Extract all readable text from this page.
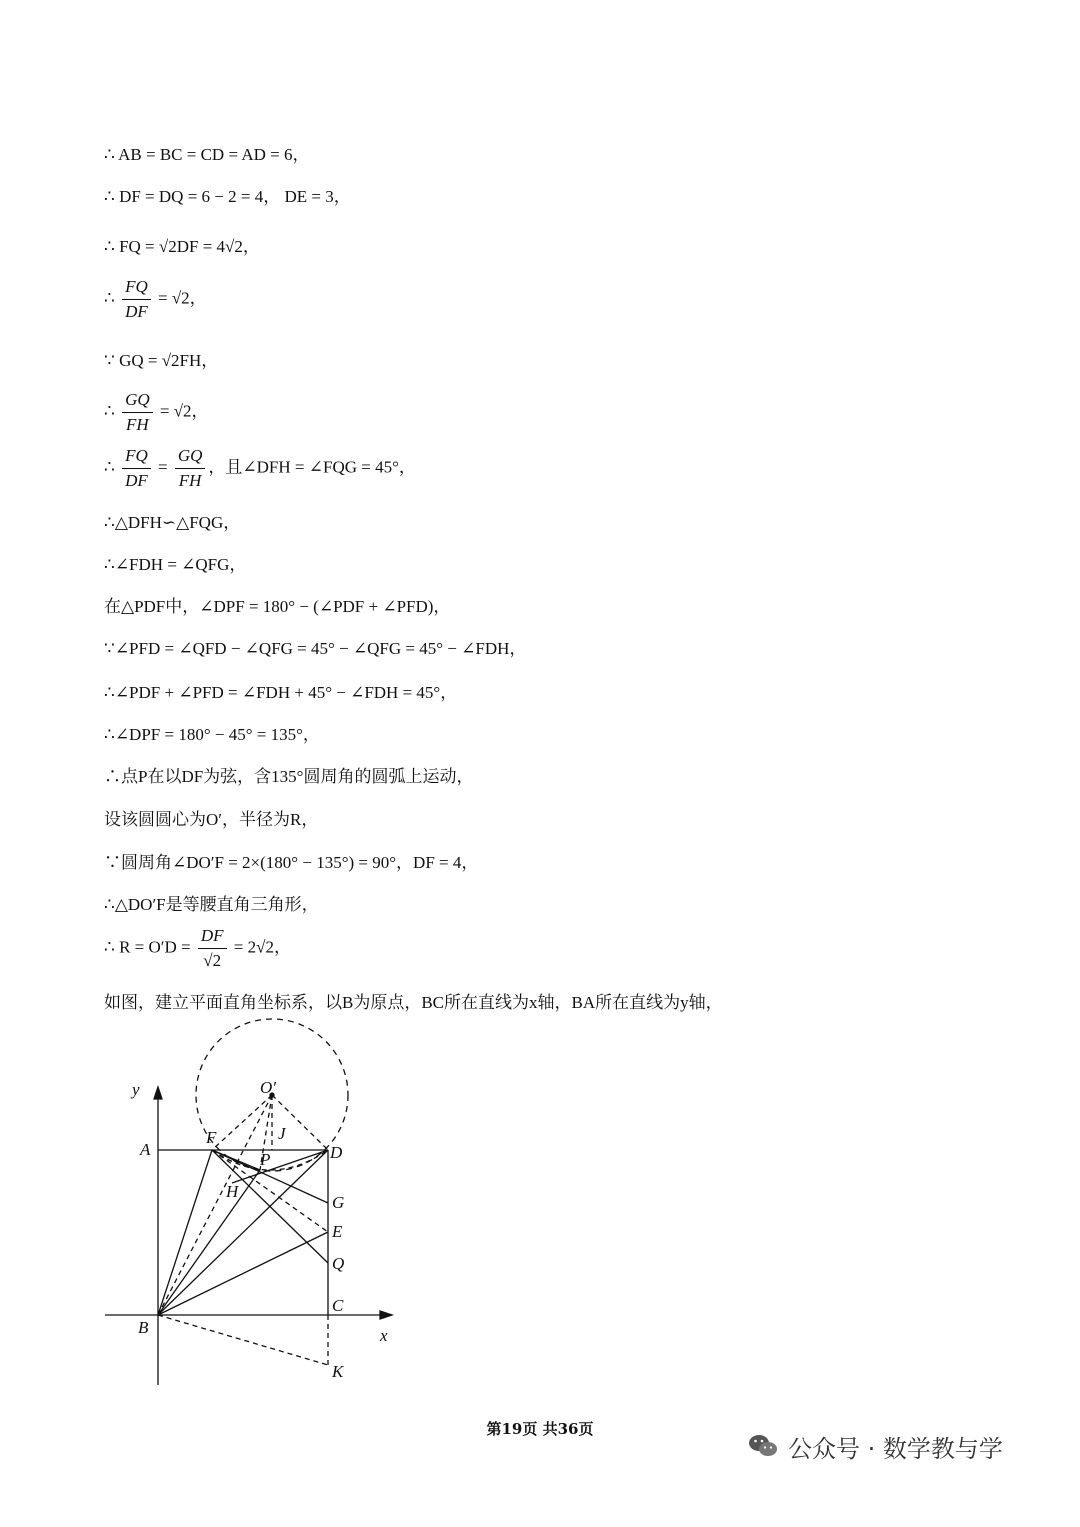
∴ AB = BC = CD = AD = 6，
∴ DF = DQ = 6 − 2 = 4， DE = 3，
∴ FQ = √2DF = 4√2，
∴ $\frac{FQ}{DF} = √2$，
∵ GQ = √2FH，
∴ $\frac{GQ}{FH} = √2$，
∴ $\frac{FQ}{DF} = \frac{GQ}{FH}$ ，且∠DFH = ∠FQG = 45°，
∴△DFH∽△FQG，
∴∠FDH = ∠QFG，
在△PDF中，∠DPF = 180° − (∠PDF + ∠PFD)，
∵∠PFD = ∠QFD − ∠QFG = 45° − ∠QFG = 45° − ∠FDH，
∴∠PDF + ∠PFD = ∠FDH + 45° − ∠FDH = 45°，
∴∠DPF = 180° − 45° = 135°，
∴点P在以DF为弦，含135°圆周角的圆弧上运动，
设该圆圆心为O′，半径为R，
∵圆周角∠DO′F = 2×(180° − 135°) = 90°，DF = 4，
∴△DO′F是等腰直角三角形，
∴ $R = O'D = \frac{DF}{√2} = 2√2$，
如图，建立平面直角坐标系，以B为原点，BC所在直线为x轴，BA所在直线为y轴，
y
x
O′
A
F	J
D
P
H
G
E
Q
C
B
K
第19页 共36页
公众号 · 数学教与学
